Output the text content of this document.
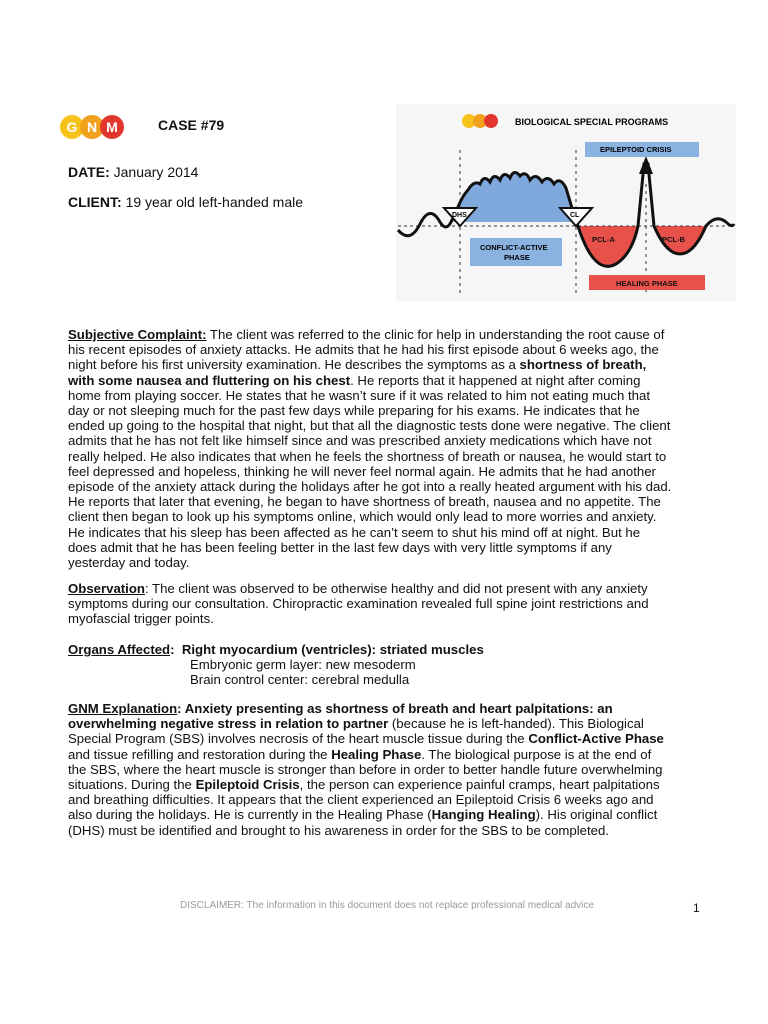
G N M	CASE #79
DATE: January 2014
CLIENT: 19 year old left-handed male
BIOLOGICAL SPECIAL PROGRAMS
DHS	CL
EPILEPTOID CRISIS
CONFLICT-ACTIVE
PHASE
PCL-A	PCL-B
HEALING PHASE

Subjective Complaint: The client was referred to the clinic for help in understanding the root cause of

his recent episodes of anxiety attacks. He admits that he had his first episode about 6 weeks ago, the

night before his first university examination. He describes the symptoms as a shortness of breath,

with some nausea and fluttering on his chest. He reports that it happened at night after coming

home from playing soccer. He states that he wasn’t sure if it was related to him not eating much that

day or not sleeping much for the past few days while preparing for his exams. He indicates that he

ended up going to the hospital that night, but that all the diagnostic tests done were negative. The client

admits that he has not felt like himself since and was prescribed anxiety medications which have not

really helped. He also indicates that when he feels the shortness of breath or nausea, he would start to

feel depressed and hopeless, thinking he will never feel normal again. He admits that he had another

episode of the anxiety attack during the holidays after he got into a really heated argument with his dad.

He reports that later that evening, he began to have shortness of breath, nausea and no appetite. The

client then began to look up his symptoms online, which would only lead to more worries and anxiety.

He indicates that his sleep has been affected as he can’t seem to shut his mind off at night. But he

does admit that he has been feeling better in the last few days with very little symptoms if any

yesterday and today.

Observation: The client was observed to be otherwise healthy and did not present with any anxiety

symptoms during our consultation. Chiropractic examination revealed full spine joint restrictions and

myofascial trigger points.

Organs Affected: Right myocardium (ventricles): striated muscles

Embryonic germ layer: new mesoderm

Brain control center: cerebral medulla

GNM Explanation: Anxiety presenting as shortness of breath and heart palpitations: an

overwhelming negative stress in relation to partner (because he is left-handed). This Biological

Special Program (SBS) involves necrosis of the heart muscle tissue during the Conflict-Active Phase

and tissue refilling and restoration during the Healing Phase. The biological purpose is at the end of

the SBS, where the heart muscle is stronger than before in order to better handle future overwhelming

situations. During the Epileptoid Crisis, the person can experience painful cramps, heart palpitations

and breathing difficulties. It appears that the client experienced an Epileptoid Crisis 6 weeks ago and

also during the holidays. He is currently in the Healing Phase (Hanging Healing). His original conflict

(DHS) must be identified and brought to his awareness in order for the SBS to be completed.

DISCLAIMER: The information in this document does not replace professional medical advice	1
